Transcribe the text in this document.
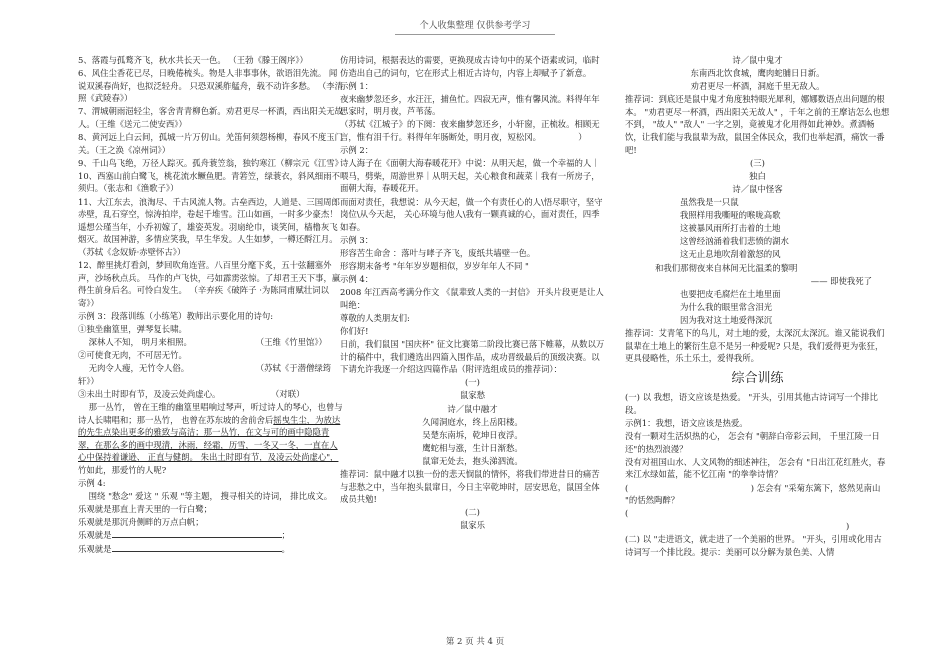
个人收集整理 仅供参考学习

5、落霞与孤鹜齐飞，秋水共长天一色。 （王勃《滕王阁序》）

6、风住尘香花已尽，日晚倦梳头。物是人非事事休，欲语泪先流。 闻说双溪春尚好，也拟泛轻舟。 只恐双溪舴艋舟，载不动许多愁。 （李清照《武陵春》）

7、渭城朝雨浥轻尘，客舍青青柳色新。劝君更尽一杯酒，西出阳关无故人。（王维《送元二使安西》）

8、黄河远上白云间，孤城一片万仞山。羌笛何须怨杨柳，春风不度玉门关。（王之涣《凉州词》）

9、千山鸟飞绝，万径人踪灭。孤舟蓑笠翁，独钓寒江（柳宗元《江雪》

10、西塞山前白鹭飞，桃花流水鳜鱼肥。青箬笠，绿蓑衣，斜风细雨不须归。（张志和《渔歌子》）

11、大江东去，浪淘尽、千古风流人物。古垒西边，人道是、三国周郎赤壁，乱石穿空，惊涛拍岸，卷起千堆雪。江山如画，一时多少豪杰！ 遥想公瑾当年，小乔初嫁了，雄姿英发。羽扇纶巾，谈笑间，樯橹灰飞烟灭。故国神游，多情应笑我，早生华发。人生如梦，一樽还酹江月。（苏轼《念奴娇·赤壁怀古》）

12、醉里挑灯看剑，梦回吹角连营。八百里分麾下炙，五十弦翻塞外声，沙场秋点兵。 马作的卢飞快，弓如霹雳弦惊。了却君王天下事，赢得生前身后名。可怜白发生。 （辛弃疾《破阵子 ·为陈同甫赋壮词以寄》）

示例 3：段落训练（小练笔）教师出示要化用的诗句:

①独坐幽篁里，弹琴复长啸。

深林人不知， 明月来相照。                        （王维《竹里馆》）

②可使食无肉，不可居无竹。

无肉令人瘦，无竹令人俗。                         （苏轼《于潜僧绿筠轩》）

③未出土时即有节，及凌云处尚虚心。                   （对联）

那一丛竹， 曾在王维的幽篁里唱响过琴声，听过诗人的琴心，也曾与诗人长啸唱和；那一丛竹， 也曾在苏东坡的舍前舍后摇曳生尘，为放达的先生点染出更多的雅致与高洁；那一丛竹，在文与可的画中隐隐青翠，在那么多的画中现清，沐雨，经霜，历雪，一冬又一冬，一直在人心中保持着谦逊、 正直与健朗。 朱出土时即有节，及凌云处尚虚心"，竹如此，那爱竹的人呢?

示例 4:

围绕 "愁念" 爱这 " 乐观 "等主题， 搜寻相关的诗词， 排比成文。

乐观就是那直上青天里的一行白鹭；

乐观就是那沉舟侧畔的万点白帆；

乐观就是	；

乐观就是	。

仿用诗词，根据表达的需要，更换现成古诗句中的某个语素或词，临时仿造出自己的词句，它在形式上相近古诗句，内容上却赋予了新意。

示例 1：

夜来幽梦忽还乡，水汪汪，捕鱼忙。四寂无声，惟有馨风流。料得年年思家时，明月夜，芦苇荡。

（苏轼《江城子》的下阕：夜来幽梦忽还乡，小轩窗，正梳妆。相顾无言，惟有泪千行。料得年年肠断处，明月夜，短松冈。              ）

示例 2：

诗人海子在《面朝大海春暖花开》中说：从明天起，做一个幸福的人｜喂马，劈柴，周游世界｜从明天起，关心粮食和蔬菜｜我有一所房子，面朝大海，春暖花开。

而面对责任，我想说：从今天起，做一个有责任心的人\悟尽职守，坚守岗位\从今天起， 关心环境与他人\我有一颗真诚的心，面对责任，四季如春。

示例 3：

形容苦生命舍 ：落叶与哮子齐飞，废纸共墙壁一色。

形容期末备考 "年年岁岁题相似，岁岁年年人不同 "

示例 4：

2008 年江西高考满分作文 《鼠辈致人类的一封信》 开头片段更是让人叫绝：

尊敬的人类朋友们:

你们好!

日前，我们鼠国 "国庆杯" 征文比赛第二阶段比赛已落下帷幕，从数以万计的稿件中，我们遴选出四篇入围作品，成功晋级最后的顶级决赛。以下请允许我逐一介绍这四篇作品（附评选组成员的推荐词）：

(一)

鼠家愁

诗／鼠中融才

久闻洞庭水，终上岳阳楼。

吴楚东南坼，乾坤日夜浮。

鹰蛇相与涨，生计日渐愁。

鼠窜无处去，抱头涕泗流。

推荐词：鼠中融才以独一份的悲天悯鼠的情怀，将我们带进昔日的痛苦与悲愁之中，当年抱头鼠窜日，今日主宰乾坤时，居安思危，鼠国全体成员共勉!

(二)

鼠家乐

诗／鼠中鬼才

东南西北饮食城，鹰肉蛇脯日日新。

劝君更尽一杯酒，洞庭千里无敌人。

推荐词：到底还是鼠中鬼才角度独特眼光犀利，娜娜数语点出问题的根本。 "劝君更尽一杯酒，西出阳关无故人" ，千年之前的王摩诘怎么也想不到， "故人" "敌人" 一字之别，竟被鬼才化用得如此神妙。煮酒畅饮，让我们能与我鼠辈为敌，鼠国全体民众，我们也举起酒，痛饮一番吧!

(三)

独白

诗／鼠中怪客

虽然我是一只鼠

我照样用我嘶哑的喉咙高歌

这被暴风雨所打击着的土地

这曾经汹涌着我们悲愤的湖水

这无止息地吹刮着激怒的风

和我们那彻夜来自林间无比温柔的黎明

—— 即使我死了

也要把皮毛腐烂在土地里面

为什么我的眼里常含泪光

因为我对这土地爱得深沉

推荐词：艾青笔下的鸟儿，对土地的爱，太深沉太深沉。谁又能说我们鼠辈在土地上的繁衍生息不是另一种爱呢? 只是，我们爱得更为张狂，更具侵略性，乐土乐土，爱得我所。

综合训练

(一) 以 我想，语文应该是热爱。 "开头，引用其他古诗词写一个排比段。

示例1：我想，语文应该是热爱。

没有一颗对生活炽热的心， 怎会有 "朝辞白帝彩云间， 千里江陵一日还"的热烈浪漫？

没有对祖国山水、人文风物的细述神往， 怎会有 "日出江花红胜火，春来江水绿如蓝，能不忆江南 "的拳拳诗情？

(                                              ) 怎会有 "采菊东篱下，悠然见南山 "的恬然陶醉？

(

)

(二) 以 "走进语文，就走进了一个美丽的世界。 "开头，引用或化用古诗词写一个排比段。提示：美丽可以分解为景色美、人情

第 2 页 共 4 页
